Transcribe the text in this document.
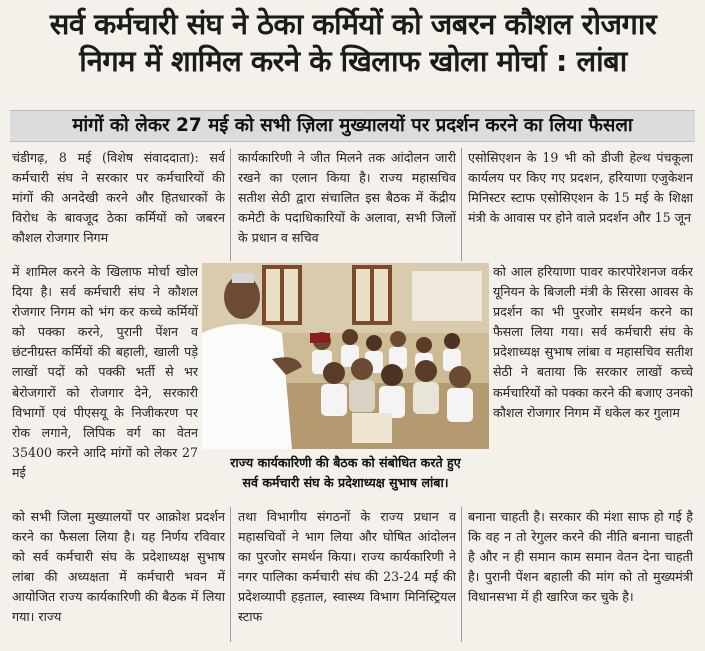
सर्व कर्मचारी संघ ने ठेका कर्मियों को जबरन कौशल रोजगार
निगम में शामिल करने के खिलाफ खोला मोर्चा : लांबा
मांगों को लेकर 27 मई को सभी ज़िला मुख्यालयों पर प्रदर्शन करने का लिया फैसला
चंडीगढ़, 8 मई (विशेष संवाददाता): सर्व कर्मचारी संघ ने सरकार पर कर्मचारियों की मांगों की अनदेखी करने और हितधारकों के विरोध के बावजूद ठेका कर्मियों को जबरन कौशल रोजगार निगम
कार्यकारिणी ने जीत मिलने तक आंदोलन जारी रखने का एलान किया है। राज्य महासचिव सतीश सेठी द्वारा संचालित इस बैठक में केंद्रीय कमेटी के पदाधिकारियों के अलावा, सभी जिलों के प्रधान व सचिव
एसोसिएशन के 19 भी को डीजी हेल्थ पंचकूला कार्यलय पर किए गए प्रदशन, हरियाणा एजुकेशन मिनिस्टर स्टाफ एसोसिएशन के 15 मई के शिक्षा मंत्री के आवास पर होने वाले प्रदर्शन और 15 जून
में शामिल करने के खिलाफ मोर्चा खोल दिया है। सर्व कर्मचारी संघ ने कौशल रोजगार निगम को भंग कर कच्चे कर्मियों को पक्का करने, पुरानी पेंशन व छंटनीग्रस्त कर्मियों की बहाली, खाली पड़े लाखों पदों को पक्की भर्ती से भर बेरोजगारों को रोजगार देने, सरकारी विभागों एवं पीएसयू के निजीकरण पर रोक लगाने, लिपिक वर्ग का वेतन 35400 करने आदि मांगों को लेकर 27 मई
को आल हरियाणा पावर कारपोरेशनज वर्कर यूनियन के बिजली मंत्री के सिरसा आवस के प्रदर्शन का भी पुरजोर समर्थन करने का फैसला लिया गया। सर्व कर्मचारी संघ के प्रदेशाध्यक्ष सुभाष लांबा व महासचिव सतीश सेठी ने बताया कि सरकार लाखों कच्चे कर्मचारियों को पक्का करने की बजाए उनको कौशल रोजगार निगम में धकेल कर गुलाम
को सभी जिला मुख्यालयों पर आक्रोश प्रदर्शन करने का फैसला लिया है। यह निर्णय रविवार को सर्व कर्मचारी संघ के प्रदेशाध्यक्ष सुभाष लांबा की अध्यक्षता में कर्मचारी भवन में आयोजित राज्य कार्यकारिणी की बैठक में लिया गया। राज्य
तथा विभागीय संगठनों के राज्य प्रधान व महासचिवों ने भाग लिया और घोषित आंदोलन का पुरजोर समर्थन किया। राज्य कार्यकारिणी ने नगर पालिका कर्मचारी संघ की 23-24 मई की प्रदेशव्यापी हड़ताल, स्वास्थ्य विभाग मिनिस्ट्रियल स्टाफ
बनाना चाहती है। सरकार की मंशा साफ हो गई है कि वह न तो रेगुलर करने की नीति बनाना चाहती है और न ही समान काम समान वेतन देना चाहती है। पुरानी पेंशन बहाली की मांग को तो मुख्यमंत्री विधानसभा में ही खारिज कर चुके है।
राज्य कार्यकारिणी की बैठक को संबोधित करते हुए
सर्व कर्मचारी संघ के प्रदेशाध्यक्ष सुभाष लांबा।
